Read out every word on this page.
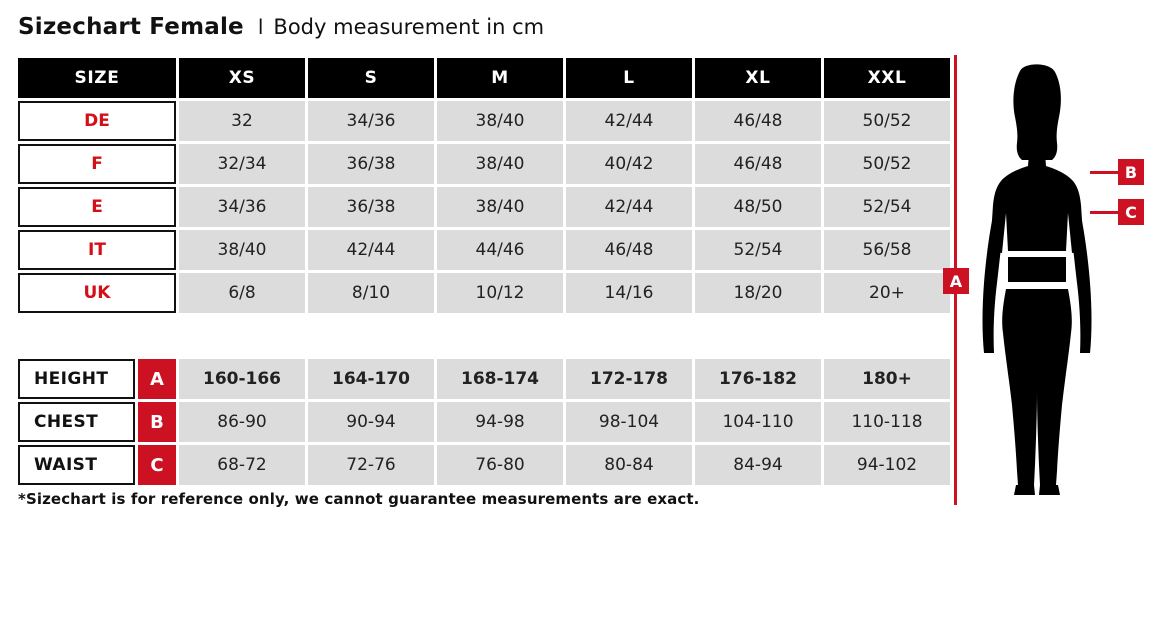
Sizechart Female l Body measurement in cm
SIZE	XS	S	M	L	XL	XXL
DE	32	34/36	38/40	42/44	46/48	50/52
F	32/34	36/38	38/40	40/42	46/48	50/52
E	34/36	36/38	38/40	42/44	48/50	52/54
IT	38/40	42/44	44/46	46/48	52/54	56/58
UK	6/8	8/10	10/12	14/16	18/20	20+

HEIGHT A	160-166	164-170	168-174	172-178	176-182	180+

CHEST B	86-90	90-94	94-98	98-104	104-110	110-118

WAIST C	68-72	72-76	76-80	80-84	84-94	94-102
*Sizechart is for reference only, we cannot guarantee measurements are exact.
A
B
C
